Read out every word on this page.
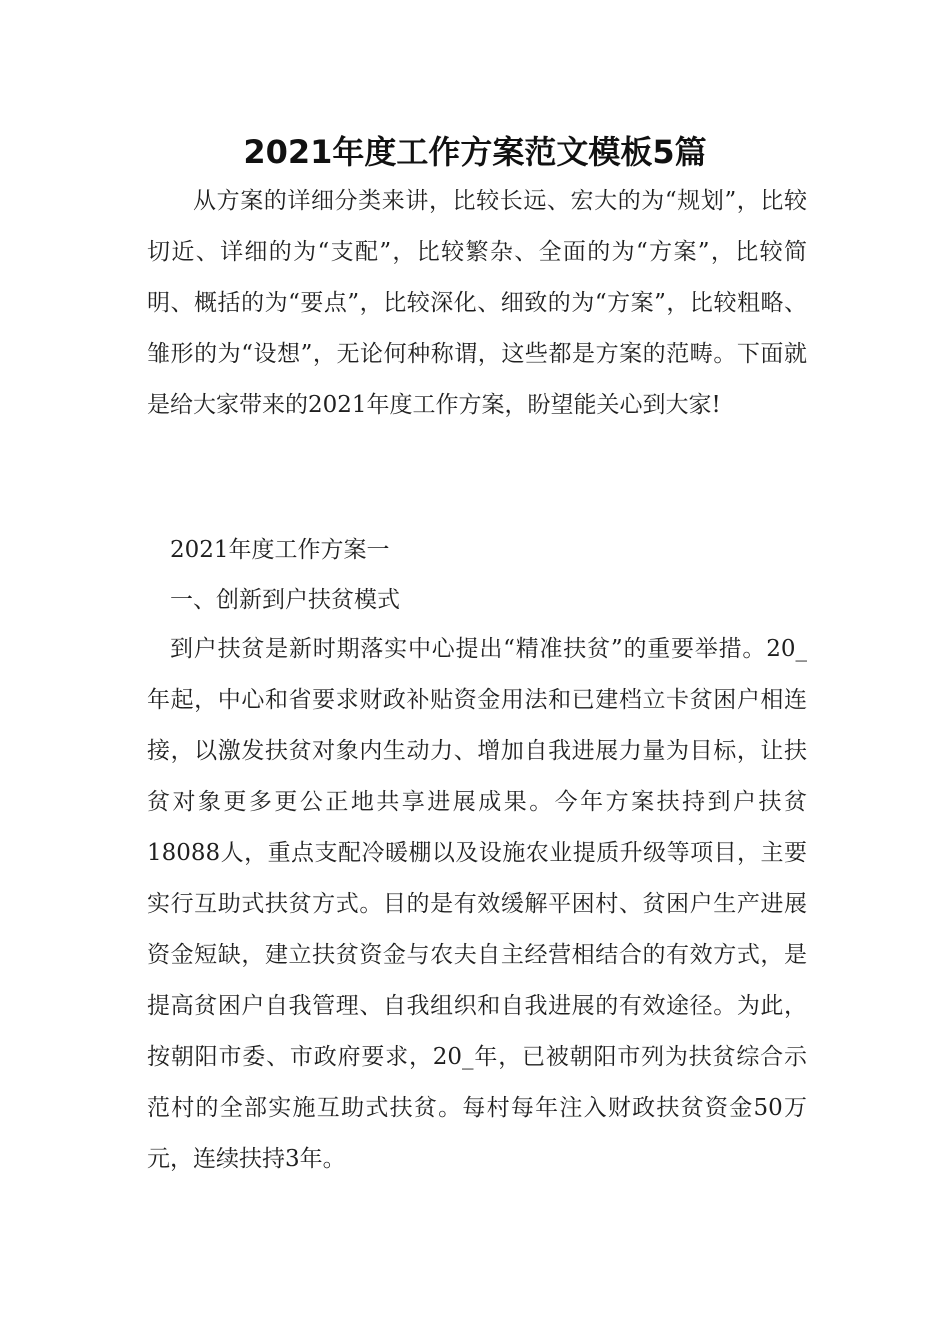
2021年度工作方案范文模板5篇

从方案的详细分类来讲，比较长远、宏大的为“规划”，比较切近、详细的为“支配”，比较繁杂、全面的为“方案”，比较简明、概括的为“要点”，比较深化、细致的为“方案”，比较粗略、雏形的为“设想”，无论何种称谓，这些都是方案的范畴。下面就是给大家带来的2021年度工作方案，盼望能关心到大家!

2021年度工作方案一
一、创新到户扶贫模式

到户扶贫是新时期落实中心提出“精准扶贫”的重要举措。20_年起，中心和省要求财政补贴资金用法和已建档立卡贫困户相连接，以激发扶贫对象内生动力、增加自我进展力量为目标，让扶贫对象更多更公正地共享进展成果。今年方案扶持到户扶贫18088人，重点支配冷暖棚以及设施农业提质升级等项目，主要实行互助式扶贫方式。目的是有效缓解平困村、贫困户生产进展资金短缺，建立扶贫资金与农夫自主经营相结合的有效方式，是提高贫困户自我管理、自我组织和自我进展的有效途径。为此，按朝阳市委、市政府要求，20_年，已被朝阳市列为扶贫综合示范村的全部实施互助式扶贫。每村每年注入财政扶贫资金50万元，连续扶持3年。
